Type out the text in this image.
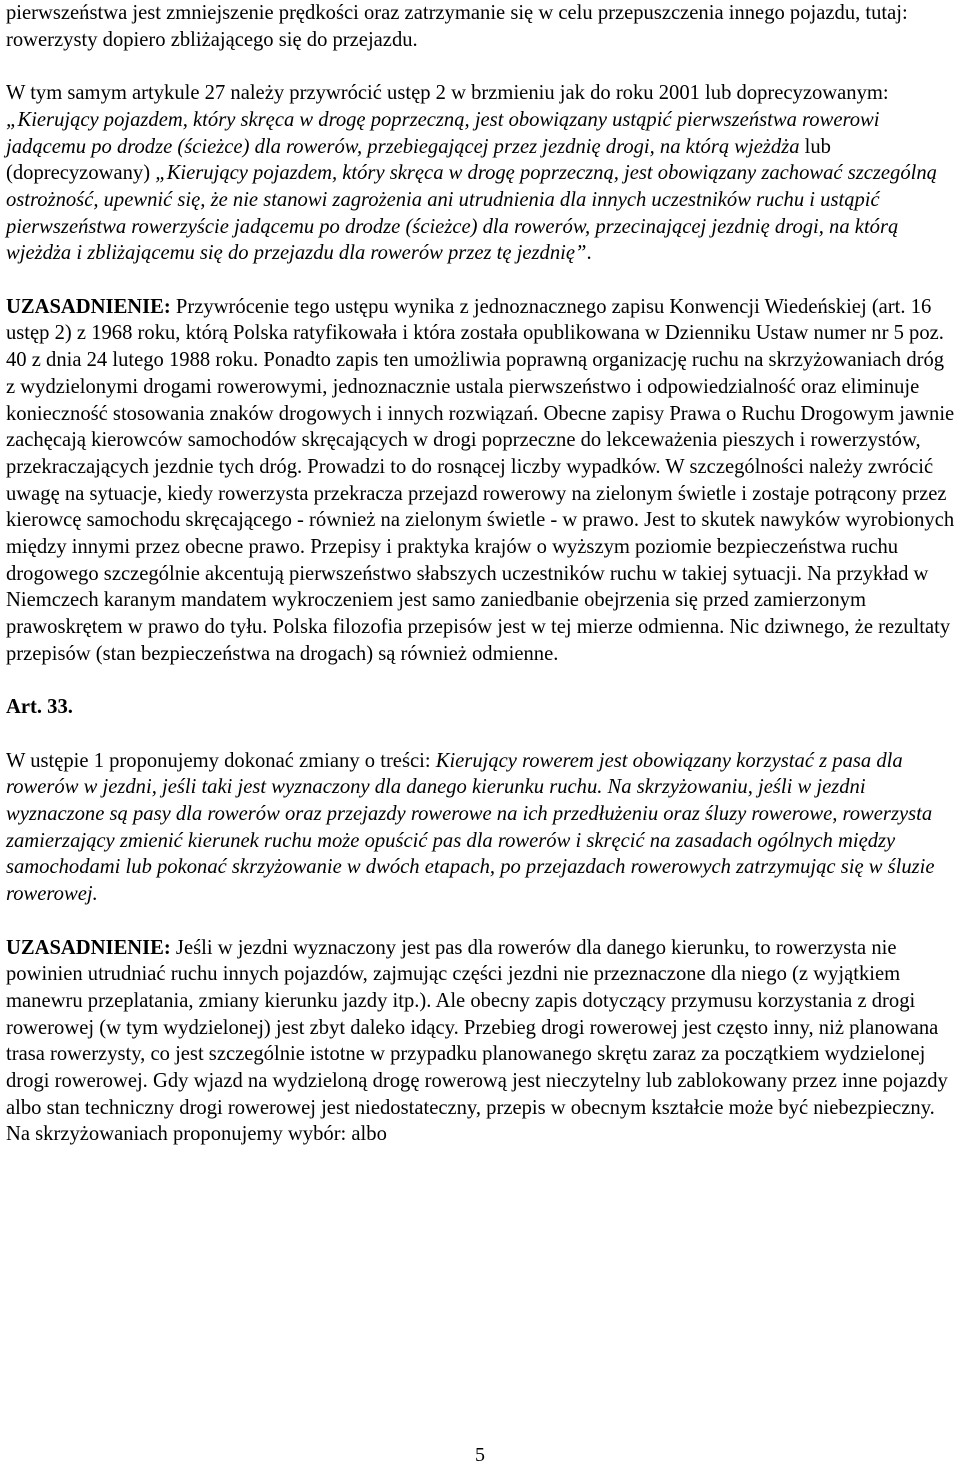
pierwszeństwa jest zmniejszenie prędkości oraz zatrzymanie się w celu przepuszczenia innego pojazdu, tutaj: rowerzysty dopiero zbliżającego się do przejazdu.

W tym samym artykule 27 należy przywrócić ustęp 2 w brzmieniu jak do roku 2001 lub doprecyzowanym: „Kierujący pojazdem, który skręca w drogę poprzeczną, jest obowiązany ustąpić pierwszeństwa rowerowi jadącemu po drodze (ścieżce) dla rowerów, przebiegającej przez jezdnię drogi, na którą wjeżdża lub (doprecyzowany) „Kierujący pojazdem, który skręca w drogę poprzeczną, jest obowiązany zachować szczególną ostrożność, upewnić się, że nie stanowi zagrożenia ani utrudnienia dla innych uczestników ruchu i ustąpić pierwszeństwa rowerzyście jadącemu po drodze (ścieżce) dla rowerów, przecinającej jezdnię drogi, na którą wjeżdża i zbliżającemu się do przejazdu dla rowerów przez tę jezdnię”.

UZASADNIENIE: Przywrócenie tego ustępu wynika z jednoznacznego zapisu Konwencji Wiedeńskiej (art. 16 ustęp 2) z 1968 roku, którą Polska ratyfikowała i która została opublikowana w Dzienniku Ustaw numer nr 5 poz. 40 z dnia 24 lutego 1988 roku. Ponadto zapis ten umożliwia poprawną organizację ruchu na skrzyżowaniach dróg z wydzielonymi drogami rowerowymi, jednoznacznie ustala pierwszeństwo i odpowiedzialność oraz eliminuje konieczność stosowania znaków drogowych i innych rozwiązań. Obecne zapisy Prawa o Ruchu Drogowym jawnie zachęcają kierowców samochodów skręcających w drogi poprzeczne do lekceważenia pieszych i rowerzystów, przekraczających jezdnie tych dróg. Prowadzi to do rosnącej liczby wypadków. W szczególności należy zwrócić uwagę na sytuacje, kiedy rowerzysta przekracza przejazd rowerowy na zielonym świetle i zostaje potrącony przez kierowcę samochodu skręcającego - również na zielonym świetle - w prawo. Jest to skutek nawyków wyrobionych między innymi przez obecne prawo. Przepisy i praktyka krajów o wyższym poziomie bezpieczeństwa ruchu drogowego szczególnie akcentują pierwszeństwo słabszych uczestników ruchu w takiej sytuacji. Na przykład w Niemczech karanym mandatem wykroczeniem jest samo zaniedbanie obejrzenia się przed zamierzonym prawoskrętem w prawo do tyłu. Polska filozofia przepisów jest w tej mierze odmienna. Nic dziwnego, że rezultaty przepisów (stan bezpieczeństwa na drogach) są również odmienne.

Art. 33.

W ustępie 1 proponujemy dokonać zmiany o treści: Kierujący rowerem jest obowiązany korzystać z pasa dla rowerów w jezdni, jeśli taki jest wyznaczony dla danego kierunku ruchu. Na skrzyżowaniu, jeśli w jezdni wyznaczone są pasy dla rowerów oraz przejazdy rowerowe na ich przedłużeniu oraz śluzy rowerowe, rowerzysta zamierzający zmienić kierunek ruchu może opuścić pas dla rowerów i skręcić na zasadach ogólnych między samochodami lub pokonać skrzyżowanie w dwóch etapach, po przejazdach rowerowych zatrzymując się w śluzie rowerowej.

UZASADNIENIE: Jeśli w jezdni wyznaczony jest pas dla rowerów dla danego kierunku, to rowerzysta nie powinien utrudniać ruchu innych pojazdów, zajmując części jezdni nie przeznaczone dla niego (z wyjątkiem manewru przeplatania, zmiany kierunku jazdy itp.). Ale obecny zapis dotyczący przymusu korzystania z drogi rowerowej (w tym wydzielonej) jest zbyt daleko idący. Przebieg drogi rowerowej jest często inny, niż planowana trasa rowerzysty, co jest szczególnie istotne w przypadku planowanego skrętu zaraz za początkiem wydzielonej drogi rowerowej. Gdy wjazd na wydzieloną drogę rowerową jest nieczytelny lub zablokowany przez inne pojazdy albo stan techniczny drogi rowerowej jest niedostateczny, przepis w obecnym kształcie może być niebezpieczny. Na skrzyżowaniach proponujemy wybór: albo

5
